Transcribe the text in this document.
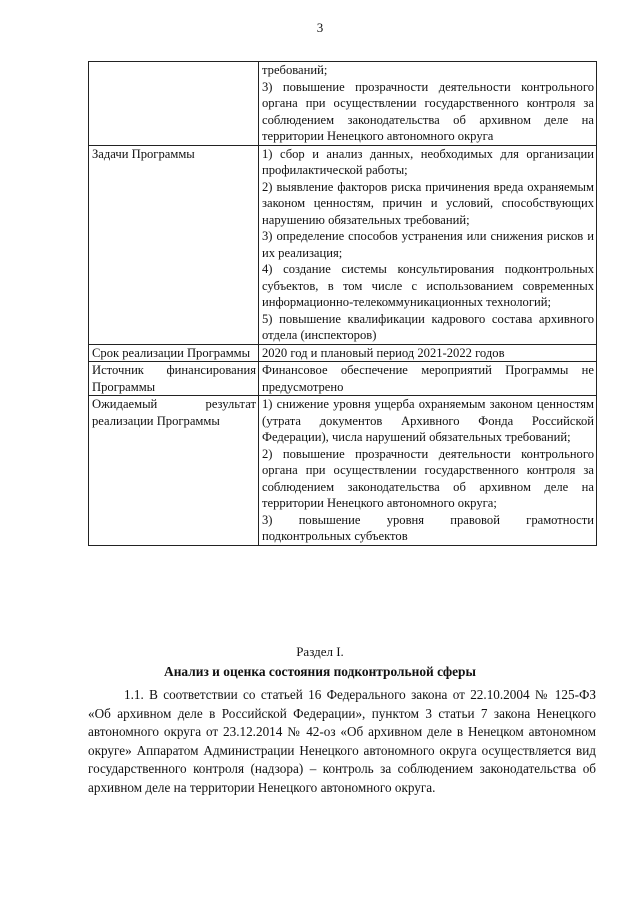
3

	требований;
3) повышение прозрачности деятельности контрольного органа при осуществлении государственного контроля за соблюдением законодательства об архивном деле на территории Ненецкого автономного округа

Задачи Программы	1) сбор и анализ данных, необходимых для организации профилактической работы;
2) выявление факторов риска причинения вреда охраняемым законом ценностям, причин и условий, способствующих нарушению обязательных требований;
3) определение способов устранения или снижения рисков и их реализация;
4) создание системы консультирования подконтрольных субъектов, в том числе с использованием современных информационно-телекоммуникационных технологий;
5) повышение квалификации кадрового состава архивного отдела (инспекторов)

Срок реализации Программы	2020 год и плановый период 2021-2022 годов

Источник финансирования Программы	Финансовое обеспечение мероприятий Программы не предусмотрено

Ожидаемый результат реализации Программы	1) снижение уровня ущерба охраняемым законом ценностям (утрата документов Архивного Фонда Российской Федерации), числа нарушений обязательных требований;
2) повышение прозрачности деятельности контрольного органа при осуществлении государственного контроля за соблюдением законодательства об архивном деле на территории Ненецкого автономного округа;
3) повышение уровня правовой грамотности подконтрольных субъектов
Раздел I.
Анализ и оценка состояния подконтрольной сферы

1.1. В соответствии со статьей 16 Федерального закона от 22.10.2004 № 125-ФЗ «Об архивном деле в Российской Федерации», пунктом 3 статьи 7 закона Ненецкого автономного округа от 23.12.2014 № 42-оз «Об архивном деле в Ненецком автономном округе» Аппаратом Администрации Ненецкого автономного округа осуществляется вид государственного контроля (надзора) – контроль за соблюдением законодательства об архивном деле на территории Ненецкого автономного округа.
